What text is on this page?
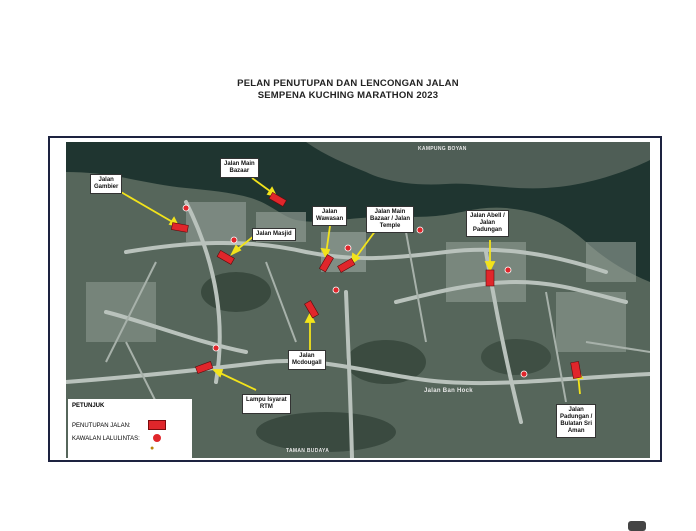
PELAN PENUTUPAN DAN LENCONGAN JALAN
SEMPENA KUCHING MARATHON 2023
KAMPUNG BOYAN
Jalan Ban Hock
TAMAN BUDAYA
Jalan
Gambier
Jalan Main
Bazaar
Jalan Masjid
Jalan
Wawasan
Jalan Main
Bazaar / Jalan
Temple
Jalan Abell /
Jalan
Padungan
Jalan
Mcdougall
Lampu Isyarat
RTM	Jalan
Padungan /
Bulatan Sri
Aman
PETUNJUK
PENUTUPAN JALAN:
KAWALAN LALULINTAS:
●
